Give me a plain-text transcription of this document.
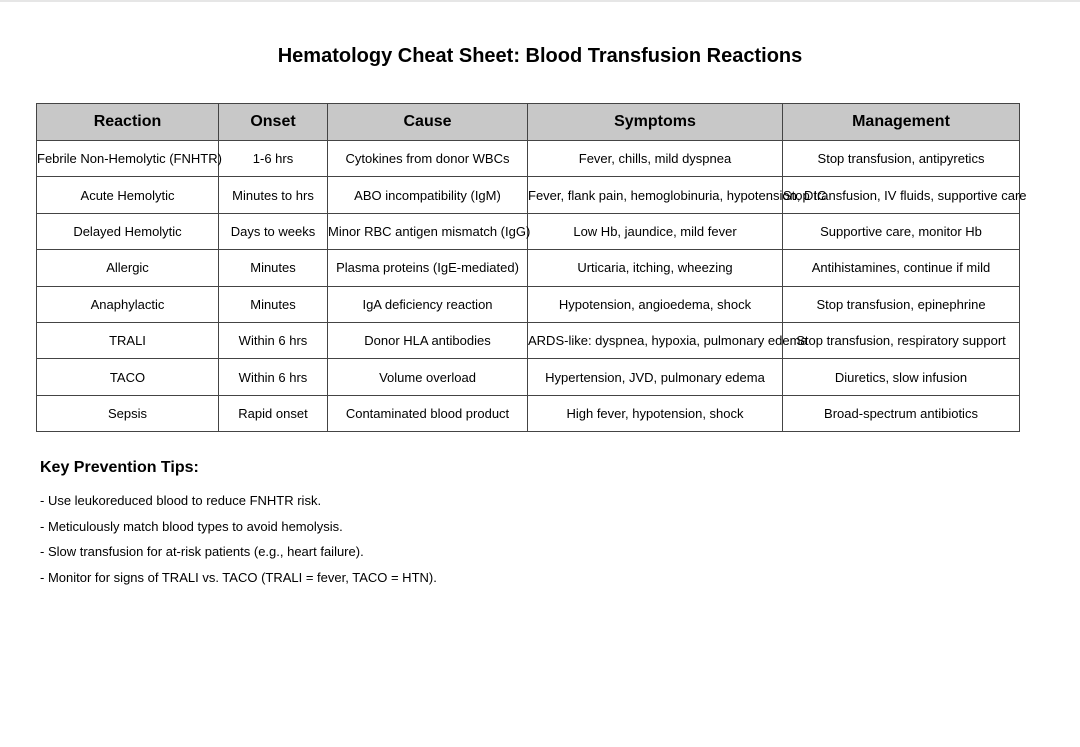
Hematology Cheat Sheet: Blood Transfusion Reactions
Reaction	Onset	Cause	Symptoms	Management
Febrile Non-Hemolytic (FNHTR)	1-6 hrs	Cytokines from donor WBCs	Fever, chills, mild dyspnea	Stop transfusion, antipyretics
Acute Hemolytic	Minutes to hrs	ABO incompatibility (IgM)	Fever, flank pain, hemoglobinuria, hypotension, DIC	Stop transfusion, IV fluids, supportive care
Delayed Hemolytic	Days to weeks	Minor RBC antigen mismatch (IgG)	Low Hb, jaundice, mild fever	Supportive care, monitor Hb
Allergic	Minutes	Plasma proteins (IgE-mediated)	Urticaria, itching, wheezing	Antihistamines, continue if mild
Anaphylactic	Minutes	IgA deficiency reaction	Hypotension, angioedema, shock	Stop transfusion, epinephrine
TRALI	Within 6 hrs	Donor HLA antibodies	ARDS-like: dyspnea, hypoxia, pulmonary edema	Stop transfusion, respiratory support
TACO	Within 6 hrs	Volume overload	Hypertension, JVD, pulmonary edema	Diuretics, slow infusion
Sepsis	Rapid onset	Contaminated blood product	High fever, hypotension, shock	Broad-spectrum antibiotics
Key Prevention Tips:
- Use leukoreduced blood to reduce FNHTR risk.
- Meticulously match blood types to avoid hemolysis.
- Slow transfusion for at-risk patients (e.g., heart failure).
- Monitor for signs of TRALI vs. TACO (TRALI = fever, TACO = HTN).
